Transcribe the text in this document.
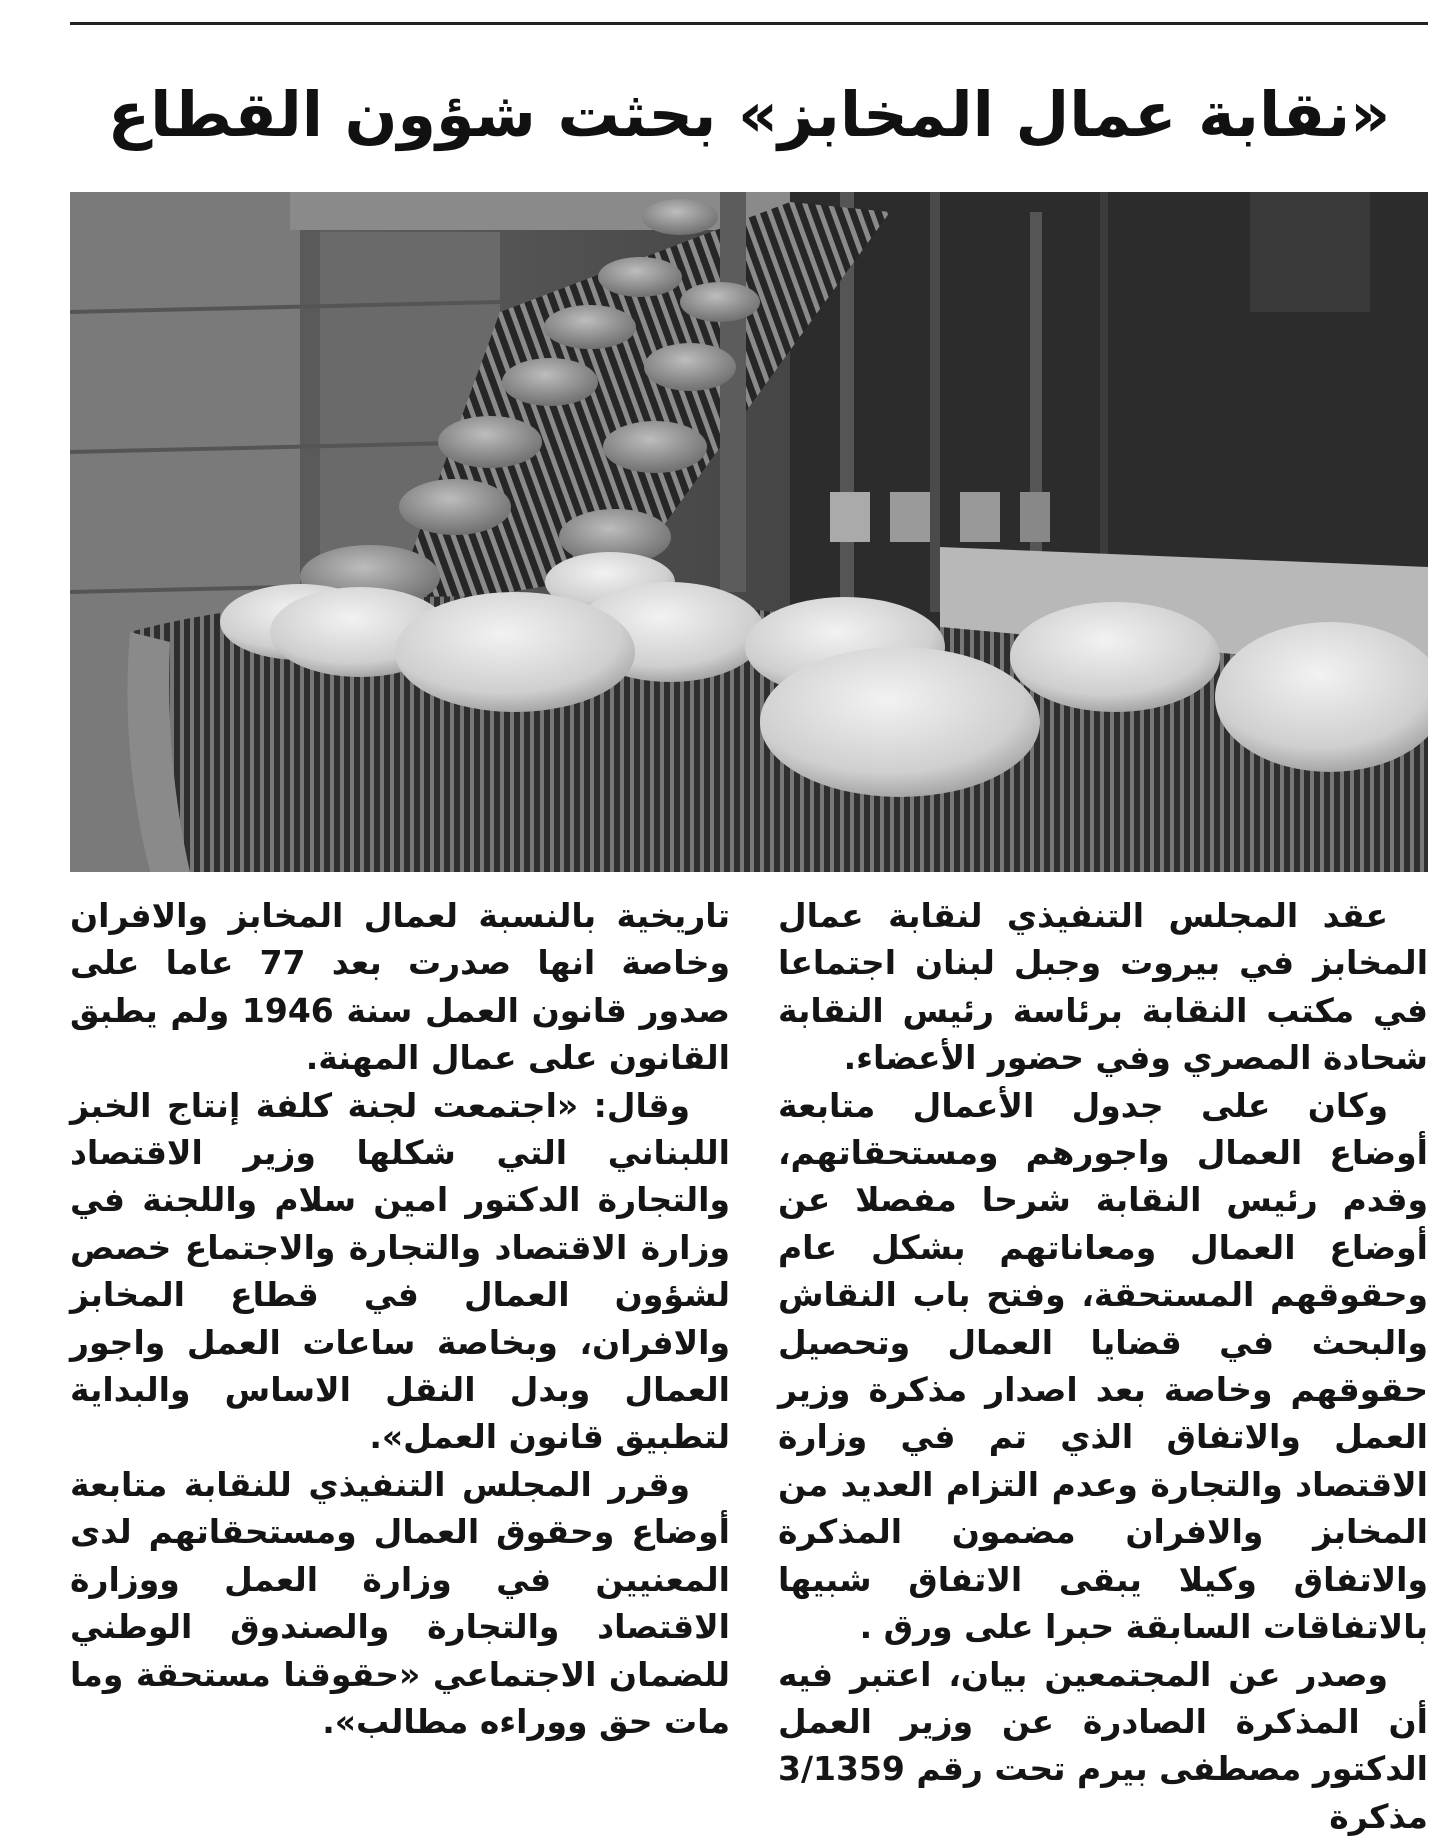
«نقابة عمال المخابز» بحثت شؤون القطاع

عقد المجلس التنفيذي لنقابة عمال المخابز في بيروت وجبل لبنان اجتماعا في مكتب النقابة برئاسة رئيس النقابة شحادة المصري وفي حضور الأعضاء.

وكان على جدول الأعمال متابعة أوضاع العمال واجورهم ومستحقاتهم، وقدم رئيس النقابة شرحا مفصلا عن أوضاع العمال ومعاناتهم بشكل عام وحقوقهم المستحقة، وفتح باب النقاش والبحث في قضايا العمال وتحصيل حقوقهم وخاصة بعد اصدار مذكرة وزير العمل والاتفاق الذي تم في وزارة الاقتصاد والتجارة وعدم التزام العديد من المخابز والافران مضمون المذكرة والاتفاق وكيلا يبقى الاتفاق شبيها بالاتفاقات السابقة حبرا على ورق .

وصدر عن المجتمعين بيان، اعتبر فيه أن المذكرة الصادرة عن وزير العمل الدكتور مصطفى بيرم تحت رقم 3/1359 مذكرة

تاريخية بالنسبة لعمال المخابز والافران وخاصة انها صدرت بعد 77 عاما على صدور قانون العمل سنة 1946 ولم يطبق القانون على عمال المهنة.

وقال: «اجتمعت لجنة كلفة إنتاج الخبز اللبناني التي شكلها وزير الاقتصاد والتجارة الدكتور امين سلام واللجنة في وزارة الاقتصاد والتجارة والاجتماع خصص لشؤون العمال في قطاع المخابز والافران، وبخاصة ساعات العمل واجور العمال وبدل النقل الاساس والبداية لتطبيق قانون العمل».

وقرر المجلس التنفيذي للنقابة متابعة أوضاع وحقوق العمال ومستحقاتهم لدى المعنيين في وزارة العمل ووزارة الاقتصاد والتجارة والصندوق الوطني للضمان الاجتماعي «حقوقنا مستحقة وما مات حق ووراءه مطالب».
